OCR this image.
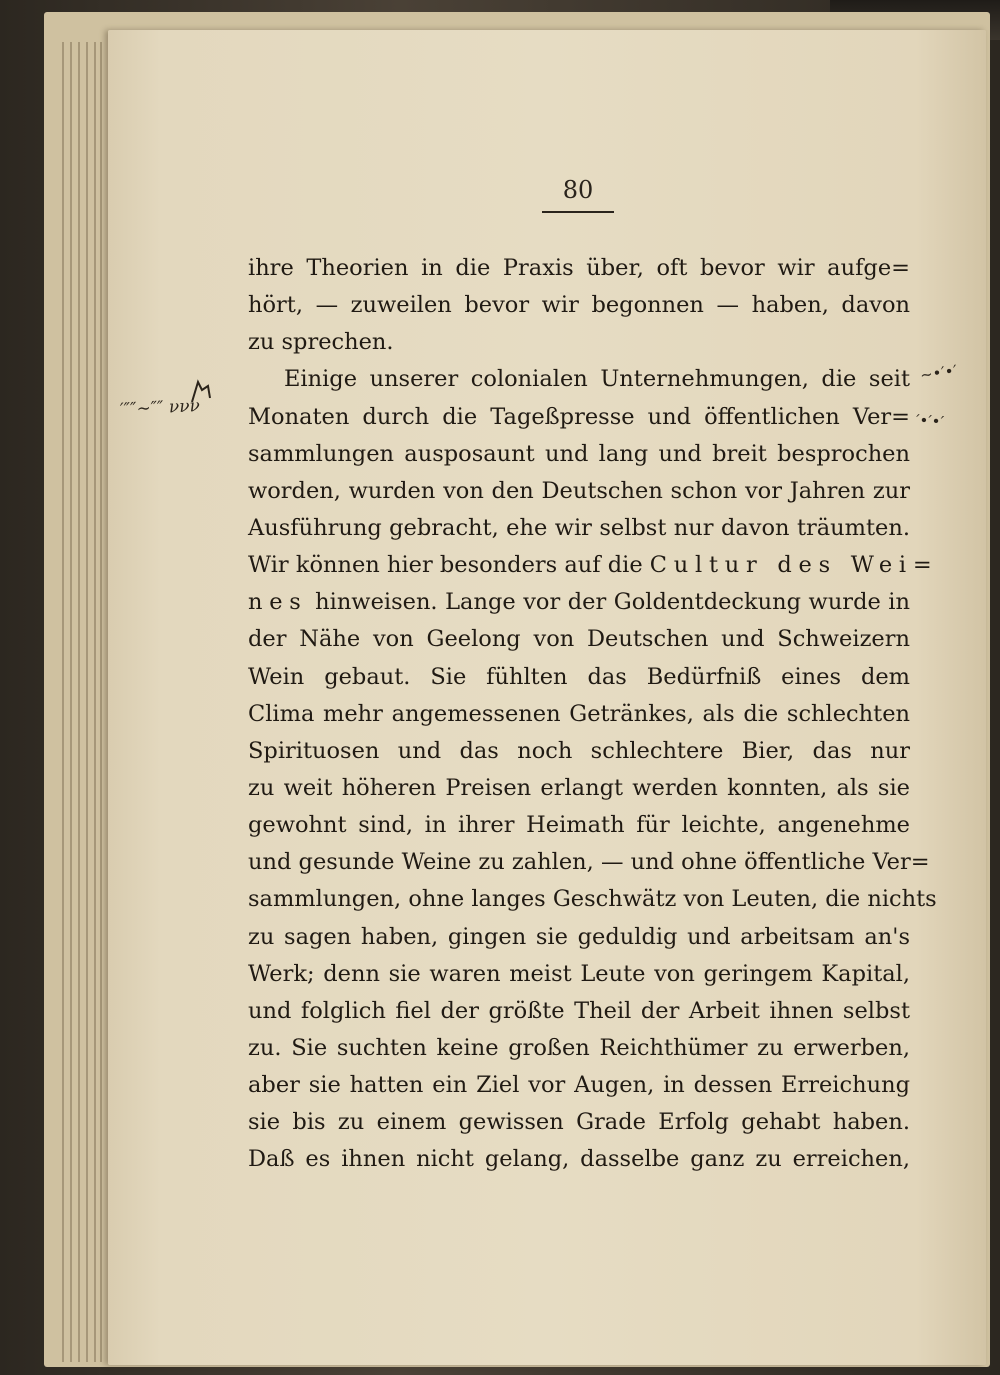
80
ihre Theorien in die Praxis über, oft bevor wir aufge=
hört, — zuweilen bevor wir begonnen — haben, davon
zu sprechen.
Einige unserer colonialen Unternehmungen, die seit
Monaten durch die Tageßpresse und öffentlichen Ver=
sammlungen ausposaunt und lang und breit besprochen
worden, wurden von den Deutschen schon vor Jahren zur
Ausführung gebracht, ehe wir selbst nur davon träumten.
Wir können hier besonders auf die Cultur des Wei=
nes hinweisen. Lange vor der Goldentdeckung wurde in
der Nähe von Geelong von Deutschen und Schweizern
Wein gebaut. Sie fühlten das Bedürfniß eines dem
Clima mehr angemessenen Getränkes, als die schlechten
Spirituosen und das noch schlechtere Bier, das nur
zu weit höheren Preisen erlangt werden konnten, als sie
gewohnt sind, in ihrer Heimath für leichte, angenehme
und gesunde Weine zu zahlen, — und ohne öffentliche Ver=
sammlungen, ohne langes Geschwätz von Leuten, die nichts
zu sagen haben, gingen sie geduldig und arbeitsam an's
Werk; denn sie waren meist Leute von geringem Kapital,
und folglich fiel der größte Theil der Arbeit ihnen selbst
zu. Sie suchten keine großen Reichthümer zu erwerben,
aber sie hatten ein Ziel vor Augen, in dessen Erreichung
sie bis zu einem gewissen Grade Erfolg gehabt haben.
Daß es ihnen nicht gelang, dasselbe ganz zu erreichen,
′″″∼″″ ννν
∼•′•′
′•′•′
